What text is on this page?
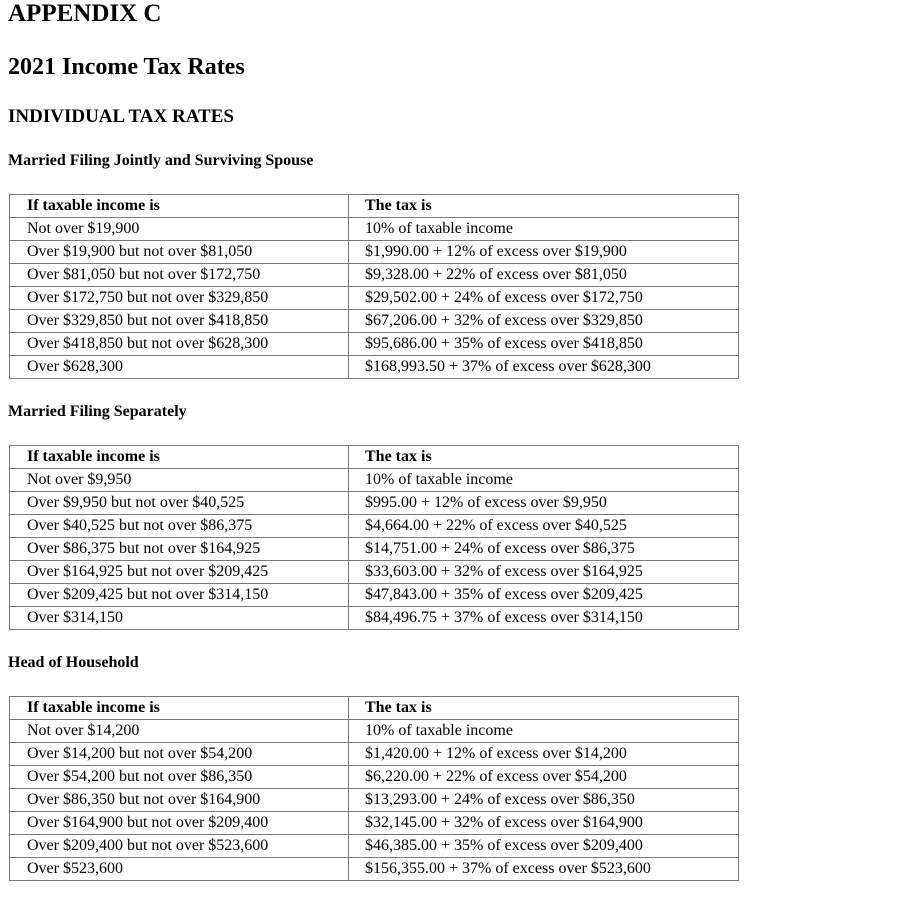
APPENDIX C
2021 Income Tax Rates
INDIVIDUAL TAX RATES
Married Filing Jointly and Surviving Spouse
If taxable income is	The tax is
Not over $19,900	10% of taxable income
Over $19,900 but not over $81,050	$1,990.00 + 12% of excess over $19,900
Over $81,050 but not over $172,750	$9,328.00 + 22% of excess over $81,050
Over $172,750 but not over $329,850	$29,502.00 + 24% of excess over $172,750
Over $329,850 but not over $418,850	$67,206.00 + 32% of excess over $329,850
Over $418,850 but not over $628,300	$95,686.00 + 35% of excess over $418,850
Over $628,300	$168,993.50 + 37% of excess over $628,300
Married Filing Separately
If taxable income is	The tax is
Not over $9,950	10% of taxable income
Over $9,950 but not over $40,525	$995.00 + 12% of excess over $9,950
Over $40,525 but not over $86,375	$4,664.00 + 22% of excess over $40,525
Over $86,375 but not over $164,925	$14,751.00 + 24% of excess over $86,375
Over $164,925 but not over $209,425	$33,603.00 + 32% of excess over $164,925
Over $209,425 but not over $314,150	$47,843.00 + 35% of excess over $209,425
Over $314,150	$84,496.75 + 37% of excess over $314,150
Head of Household
If taxable income is	The tax is
Not over $14,200	10% of taxable income
Over $14,200 but not over $54,200	$1,420.00 + 12% of excess over $14,200
Over $54,200 but not over $86,350	$6,220.00 + 22% of excess over $54,200
Over $86,350 but not over $164,900	$13,293.00 + 24% of excess over $86,350
Over $164,900 but not over $209,400	$32,145.00 + 32% of excess over $164,900
Over $209,400 but not over $523,600	$46,385.00 + 35% of excess over $209,400
Over $523,600	$156,355.00 + 37% of excess over $523,600
